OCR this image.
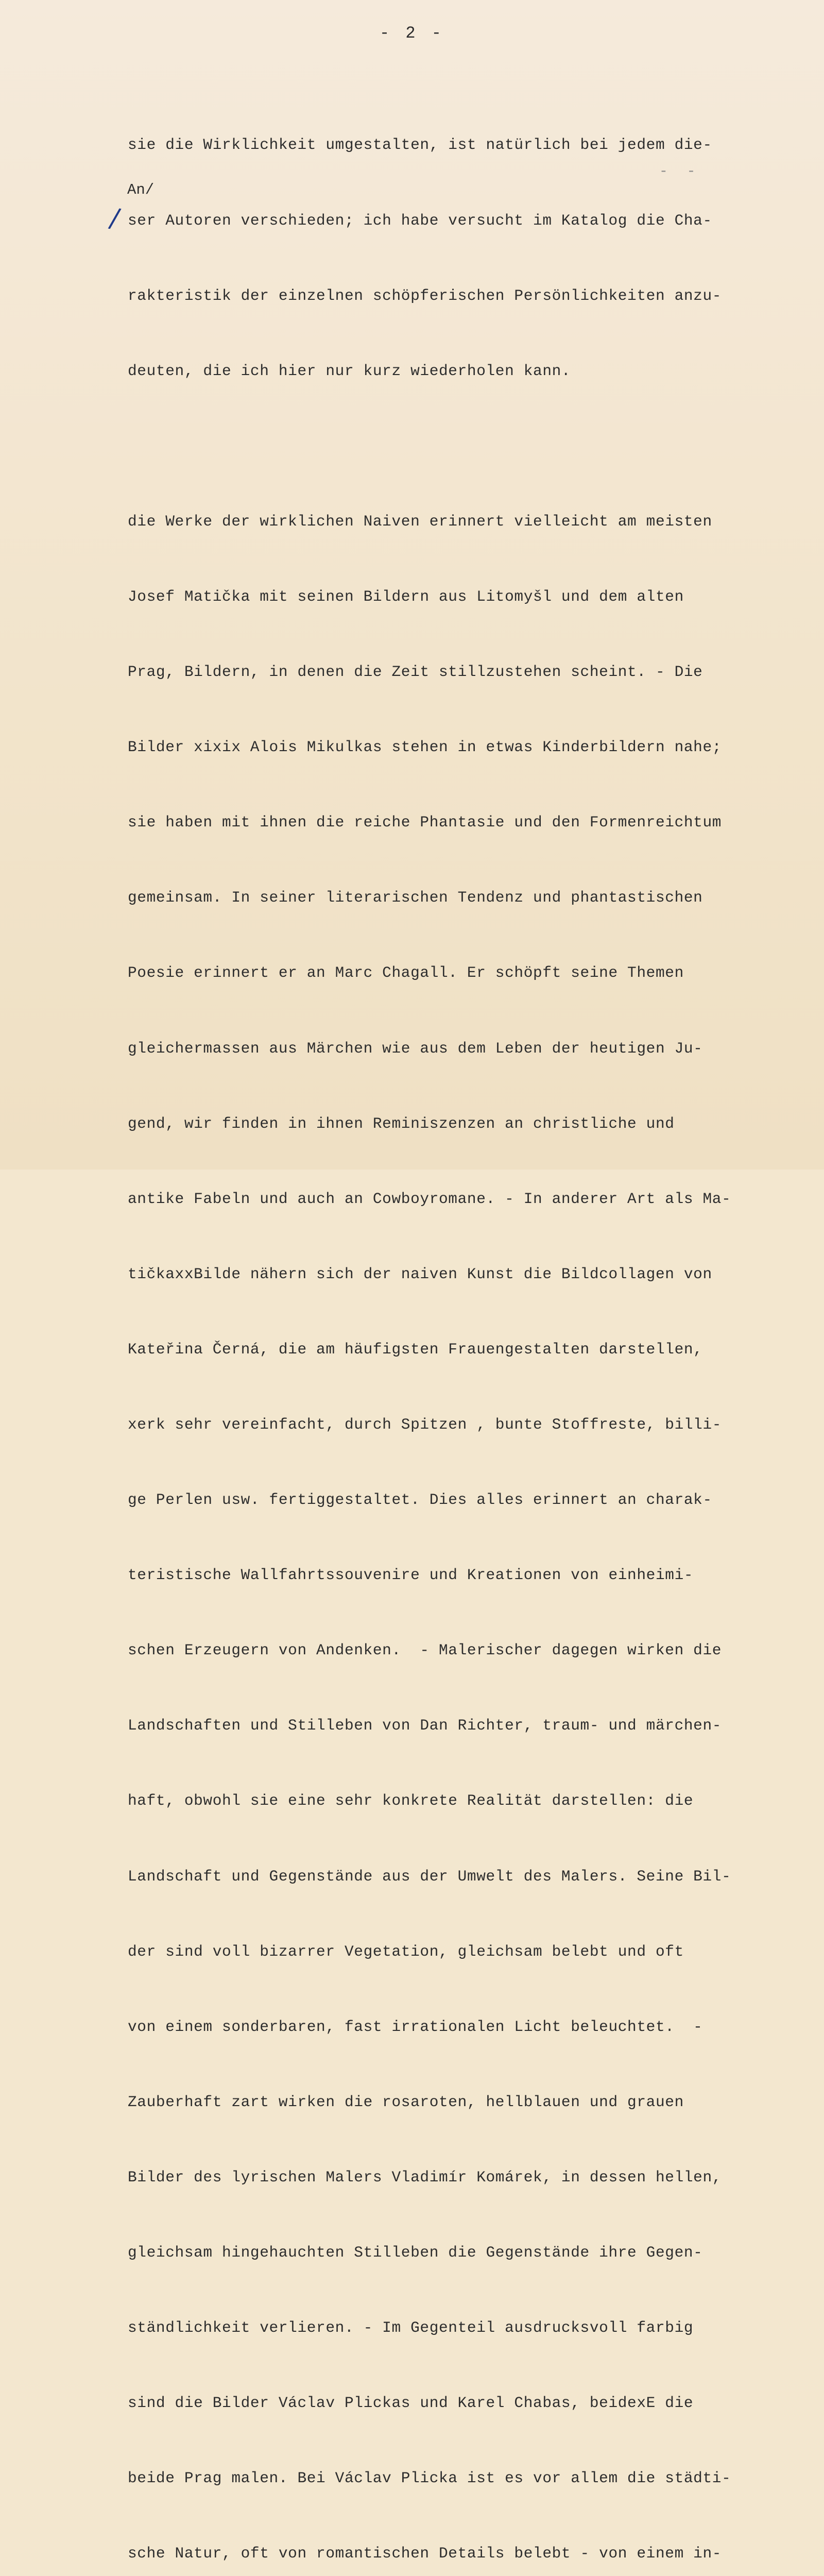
- 2 -
- -
An/
/

sie die Wirklichkeit umgestalten, ist natürlich bei jedem die-

ser Autoren verschieden; ich habe versucht im Katalog die Cha-

rakteristik der einzelnen schöpferischen Persönlichkeiten anzu-

deuten, die ich hier nur kurz wiederholen kann.

die Werke der wirklichen Naiven erinnert vielleicht am meisten

Josef Matička mit seinen Bildern aus Litomyšl und dem alten

Prag, Bildern, in denen die Zeit stillzustehen scheint. - Die

Bilder xixix Alois Mikulkas stehen in etwas Kinderbildern nahe;

sie haben mit ihnen die reiche Phantasie und den Formenreichtum

gemeinsam. In seiner literarischen Tendenz und phantastischen

Poesie erinnert er an Marc Chagall. Er schöpft seine Themen

gleichermassen aus Märchen wie aus dem Leben der heutigen Ju-

gend, wir finden in ihnen Reminiszenzen an christliche und

antike Fabeln und auch an Cowboyromane. - In anderer Art als Ma-

tičkaxxBilde nähern sich der naiven Kunst die Bildcollagen von

Kateřina Černá, die am häufigsten Frauengestalten darstellen,

xerk sehr vereinfacht, durch Spitzen , bunte Stoffreste, billi-

ge Perlen usw. fertiggestaltet. Dies alles erinnert an charak-

teristische Wallfahrtssouvenire und Kreationen von einheimi-

schen Erzeugern von Andenken.  - Malerischer dagegen wirken die

Landschaften und Stilleben von Dan Richter, traum- und märchen-

haft, obwohl sie eine sehr konkrete Realität darstellen: die

Landschaft und Gegenstände aus der Umwelt des Malers. Seine Bil-

der sind voll bizarrer Vegetation, gleichsam belebt und oft

von einem sonderbaren, fast irrationalen Licht beleuchtet.  -

Zauberhaft zart wirken die rosaroten, hellblauen und grauen

Bilder des lyrischen Malers Vladimír Komárek, in dessen hellen,

gleichsam hingehauchten Stilleben die Gegenstände ihre Gegen-

ständlichkeit verlieren. - Im Gegenteil ausdrucksvoll farbig

sind die Bilder Václav Plickas und Karel Chabas, beidexE die

beide Prag malen. Bei Václav Plicka ist es vor allem die städti-

sche Natur, oft von romantischen Details belebt - von einem in-
